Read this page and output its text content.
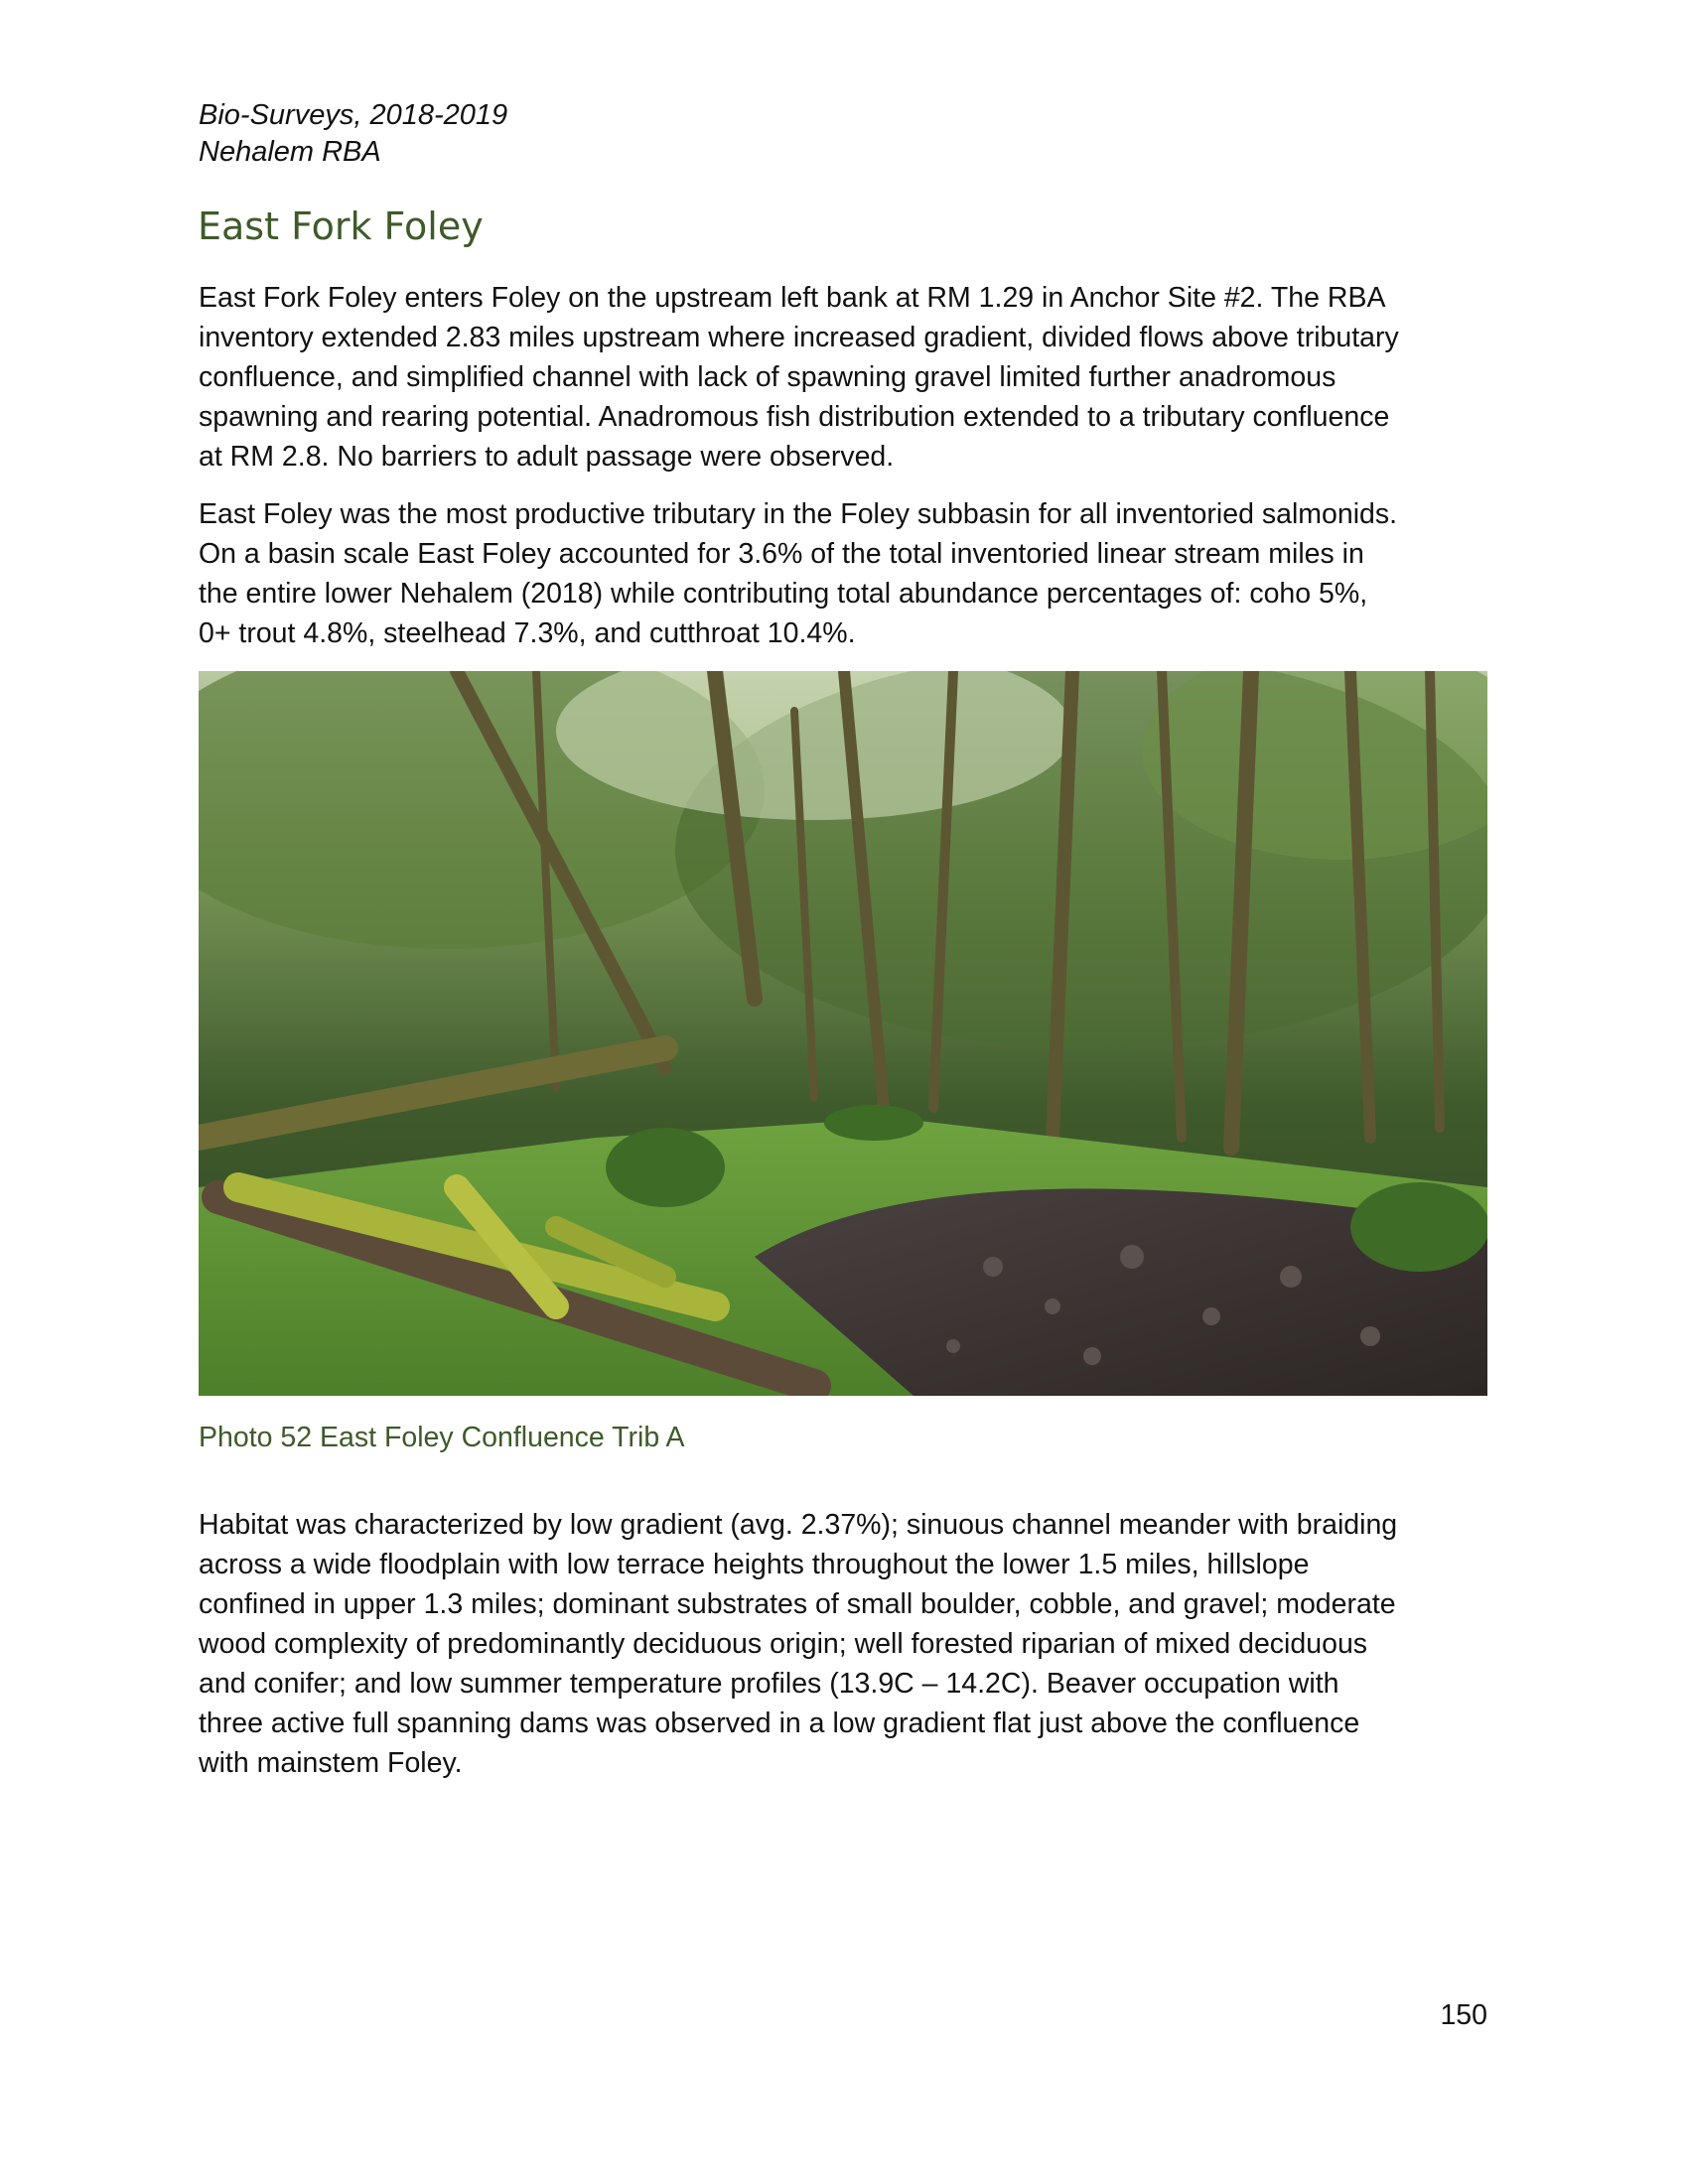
Bio-Surveys, 2018-2019
Nehalem RBA
East Fork Foley

East Fork Foley enters Foley on the upstream left bank at RM 1.29 in Anchor Site #2. The RBA
inventory extended 2.83 miles upstream where increased gradient, divided flows above tributary
confluence, and simplified channel with lack of spawning gravel limited further anadromous
spawning and rearing potential. Anadromous fish distribution extended to a tributary confluence
at RM 2.8. No barriers to adult passage were observed.

East Foley was the most productive tributary in the Foley subbasin for all inventoried salmonids.
On a basin scale East Foley accounted for 3.6% of the total inventoried linear stream miles in
the entire lower Nehalem (2018) while contributing total abundance percentages of: coho 5%,
0+ trout 4.8%, steelhead 7.3%, and cutthroat 10.4%.

Photo 52 East Foley Confluence Trib A

Habitat was characterized by low gradient (avg. 2.37%); sinuous channel meander with braiding
across a wide floodplain with low terrace heights throughout the lower 1.5 miles, hillslope
confined in upper 1.3 miles; dominant substrates of small boulder, cobble, and gravel; moderate
wood complexity of predominantly deciduous origin; well forested riparian of mixed deciduous
and conifer; and low summer temperature profiles (13.9C – 14.2C). Beaver occupation with
three active full spanning dams was observed in a low gradient flat just above the confluence
with mainstem Foley.

150
